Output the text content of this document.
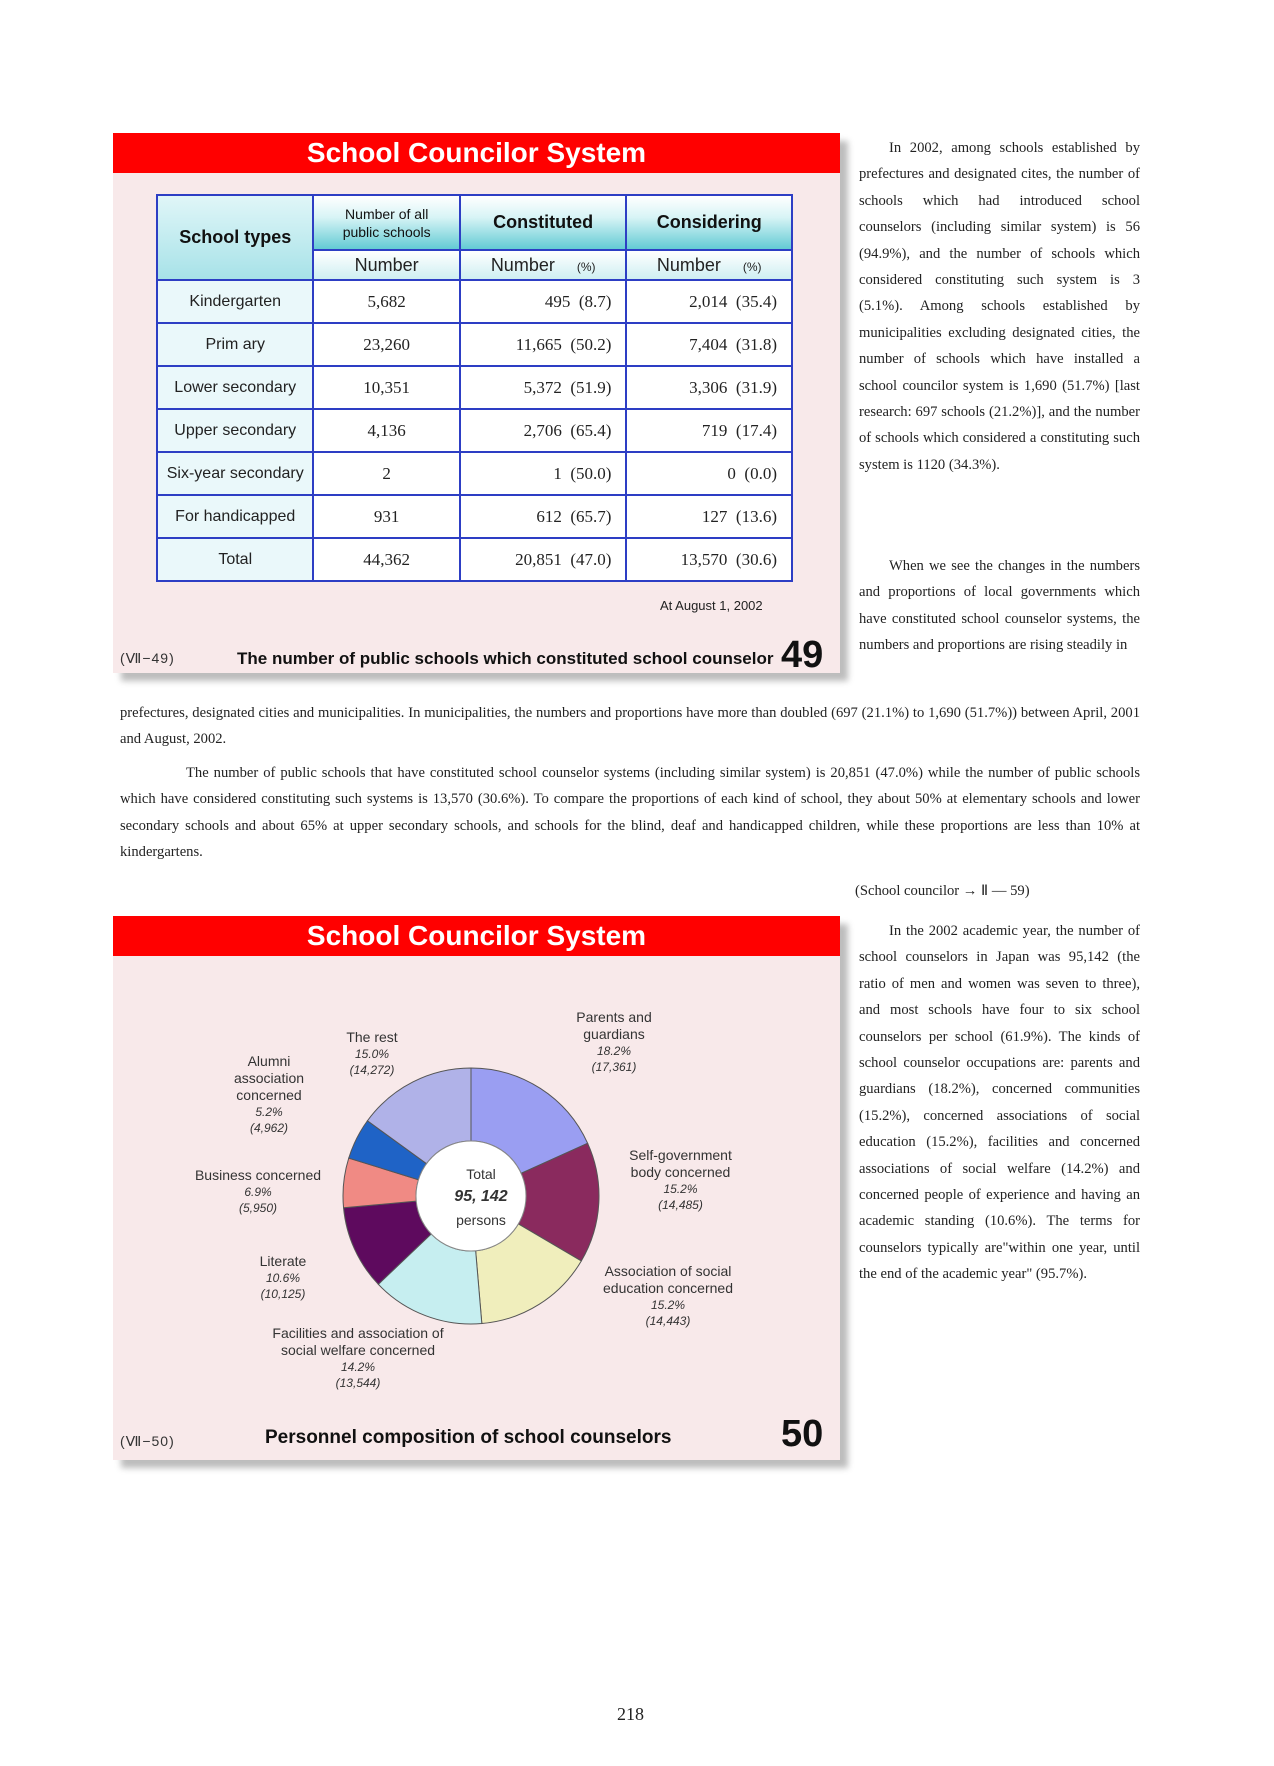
School Councilor System
School types	Number of all public schools	Constituted	Considering
	Number	Number (%)	Number (%)
Kindergarten	5,682	495 (8.7)	2,014 (35.4)
Prim ary	23,260	11,665 (50.2)	7,404 (31.8)
Lower secondary	10,351	5,372 (51.9)	3,306 (31.9)
Upper secondary	4,136	2,706 (65.4)	719 (17.4)
Six-year secondary	2	1 (50.0)	0 (0.0)
For handicapped	931	612 (65.7)	127 (13.6)
Total	44,362	20,851 (47.0)	13,570 (30.6)
At August 1, 2002
(Ⅶ−49)	The number of public schools which constituted school counselor 49

In 2002, among schools established by prefectures and designated cites, the number of schools which had introduced school counselors (including similar system) is 56 (94.9%), and the number of schools which considered constituting such system is 3 (5.1%). Among schools established by municipalities excluding designated cities, the number of schools which have installed a school councilor system is 1,690 (51.7%) [last research: 697 schools (21.2%)], and the number of schools which considered a constituting such system is 1120 (34.3%).

When we see the changes in the numbers and proportions of local governments which have constituted school counselor systems, the numbers and proportions are rising steadily in

prefectures, designated cities and municipalities. In municipalities, the numbers and proportions have more than doubled (697 (21.1%) to 1,690 (51.7%)) between April, 2001 and August, 2002.

The number of public schools that have constituted school counselor systems (including similar system) is 20,851 (47.0%) while the number of public schools which have considered constituting such systems is 13,570 (30.6%). To compare the proportions of each kind of school, they about 50% at elementary schools and lower secondary schools and about 65% at upper secondary schools, and schools for the blind, deaf and handicapped children, while these proportions are less than 10% at kindergartens.

(School councilor → Ⅱ ― 59)
School Councilor System
Total
95, 142
persons
Parents and
guardians
18.2%
(17,361)
Self-government
body concerned
15.2%
(14,485)
Association of social
education concerned
15.2%
(14,443)
Facilities and association of
social welfare concerned
14.2%
(13,544)
Literate
10.6%
(10,125)
Business concerned
6.9%
(5,950)
Alumni
association
concerned
5.2%
(4,962)
The rest
15.0%
(14,272)
(Ⅶ−50)	Personnel composition of school counselors	50

In the 2002 academic year, the number of school counselors in Japan was 95,142 (the ratio of men and women was seven to three), and most schools have four to six school counselors per school (61.9%). The kinds of school counselor occupations are: parents and guardians (18.2%), concerned communities (15.2%), concerned associations of social education (15.2%), facilities and concerned associations of social welfare (14.2%) and concerned people of experience and having an academic standing (10.6%). The terms for counselors typically are"within one year, until the end of the academic year" (95.7%).

218
